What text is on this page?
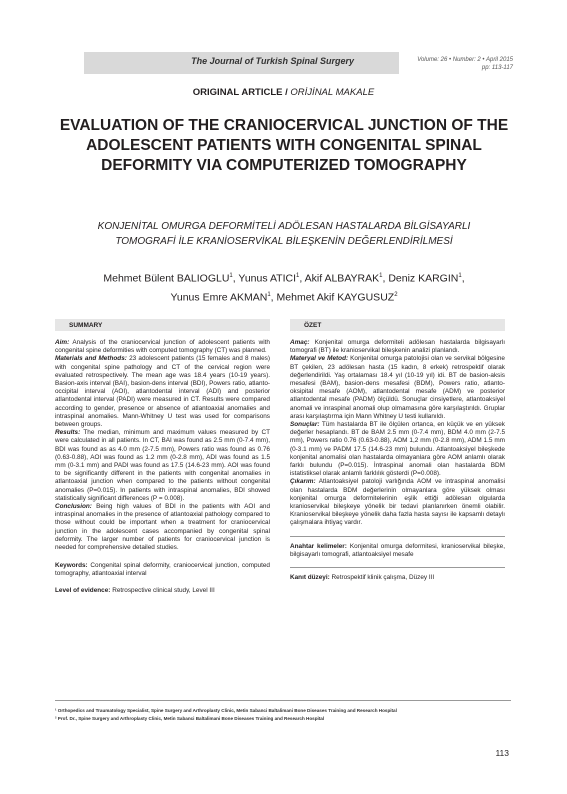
The Journal of Turkish Spinal Surgery	Volume: 26 • Number: 2 • April 2015
pp: 113-117
ORIGINAL ARTICLE / ORİJİNAL MAKALE
EVALUATION OF THE CRANIOCERVICAL JUNCTION OF THE ADOLESCENT PATIENTS WITH CONGENITAL SPINAL DEFORMITY VIA COMPUTERIZED TOMOGRAPHY
KONJENİTAL OMURGA DEFORMİTELİ ADÖLESAN HASTALARDA BİLGİSAYARLI TOMOGRAFİ İLE KRANİOSERVİKAL BİLEŞKENİN DEĞERLENDİRİLMESİ
Mehmet Bülent BALIOGLU$^1$, Yunus ATICI$^1$, Akif ALBAYRAK$^1$, Deniz KARGIN$^1$,
Yunus Emre AKMAN$^1$, Mehmet Akif KAYGUSUZ$^2$
SUMMARY
Aim: Analysis of the craniocervical junction of adolescent patients with congenital spine deformities with computed tomography (CT) was planned.
Materials and Methods: 23 adolescent patients (15 females and 8 males) with congenital spine pathology and CT of the cervical region were evaluated retrospectively. The mean age was 18.4 years (10-19 years). Basion-axis interval (BAI), basion-dens interval (BDI), Powers ratio, atlanto-occipital interval (AOI), atlantodental interval (ADI) and posterior atlantodental interval (PADI) were measured in CT. Results were compared according to gender, presence or absence of atlantoaxial anomalies and intraspinal anomalies. Mann-Whitney U test was used for comparisons between groups.
Results: The median, minimum and maximum values measured by CT were calculated in all patients. In CT, BAI was found as 2.5 mm (0-7.4 mm), BDI was found as as 4.0 mm (2-7.5 mm), Powers ratio was found as 0.76 (0.63-0.88), AOI was found as 1.2 mm (0-2.8 mm), ADI was found as 1.5 mm (0-3.1 mm) and PADI was found as 17.5 (14.6-23 mm). AOI was found to be significantly different in the patients with congenital anomalies in atlantoaxial junction when compared to the patients without congenital anomalies (P=0.015). In patients with intraspinal anomalies, BDI showed statistically significant differences (P = 0.008).
Conclusion: Being high values of BDI in the patients with AOI and intraspinal anomalies in the presence of atlantoaxial pathology compared to those without could be important when a treatment for craniocervical junction in the adolescent cases accompanied by congenital spinal deformity. The larger number of patients for craniocervical junction is needed for comprehensive detailed studies.
Keywords: Congenital spinal deformity, craniocervical junction, computed tomography, atlantoaxial interval
Level of evidence: Retrospective clinical study, Level III
ÖZET
Amaç: Konjenital omurga deformiteli adölesan hastalarda bilgisayarlı tomografi (BT) ile kranioservikal bileşkenin analizi planlandı.
Materyal ve Metod: Konjenital omurga patolojisi olan ve servikal bölgesine BT çekilen, 23 adölesan hasta (15 kadın, 8 erkek) retrospektif olarak değerlendirildi. Yaş ortalaması 18.4 yıl (10-19 yıl) idi. BT de basion-aksis mesafesi (BAM), basion-dens mesafesi (BDM), Powers ratio, atlanto-oksipital mesafe (AOM), atlantodental mesafe (ADM) ve posterior atlantodental mesafe (PADM) ölçüldü. Sonuçlar cinsiyetlere, atlantoaksiyel anomali ve inraspinal anomali olup olmamasına göre karşılaştırıldı. Gruplar arası karşılaştırma için Mann Whitney U testi kullanıldı.
Sonuçlar: Tüm hastalarda BT ile ölçülen ortanca, en küçük ve en yüksek değerler hesaplandı. BT de BAM 2.5 mm (0-7.4 mm), BDM 4.0 mm (2-7.5 mm), Powers ratio 0.76 (0.63-0.88), AOM 1,2 mm (0-2.8 mm), ADM 1.5 mm (0-3.1 mm) ve PADM 17.5 (14.6-23 mm) bulundu. Atlantoaksiyel bileşkede konjenital anomalisi olan hastalarda olmayanlara göre AOM anlamlı olarak farklı bulundu (P=0.015). İntraspinal anomali olan hastalarda BDM istatistiksel olarak anlamlı farklılık gösterdi (P=0.008).
Çıkarım: Atlantoaksiyel patoloji varlığında AOM ve intraspinal anomalisi olan hastalarda BDM değerlerinin olmayanlara göre yüksek olması konjenital omurga deformitelerinin eşlik ettiği adölesan olgularda kranioservikal bileşkeye yönelik bir tedavi planlanırken önemli olabilir. Kranioservikal bileşkeye yönelik daha fazla hasta sayısı ile kapsamlı detaylı çalışmalara ihtiyaç vardır.
Anahtar kelimeler: Konjenital omurga deformitesi, kranioservikal bileşke, bilgisayarlı tomografi, atlantoaksiyel mesafe
Kanıt düzeyi: Retrospektif klinik çalışma, Düzey III
¹ Orthopedics and Traumatology Specialist, Spine Surgery and Arthroplasty Clinic, Metin Sabanci Baltalimani Bone Diseases Training and Research Hospital
² Prof. Dr., Spine Surgery and Arthroplasty Clinic, Metin Sabanci Baltalimani Bone Diseases Training and Research Hospital
113
